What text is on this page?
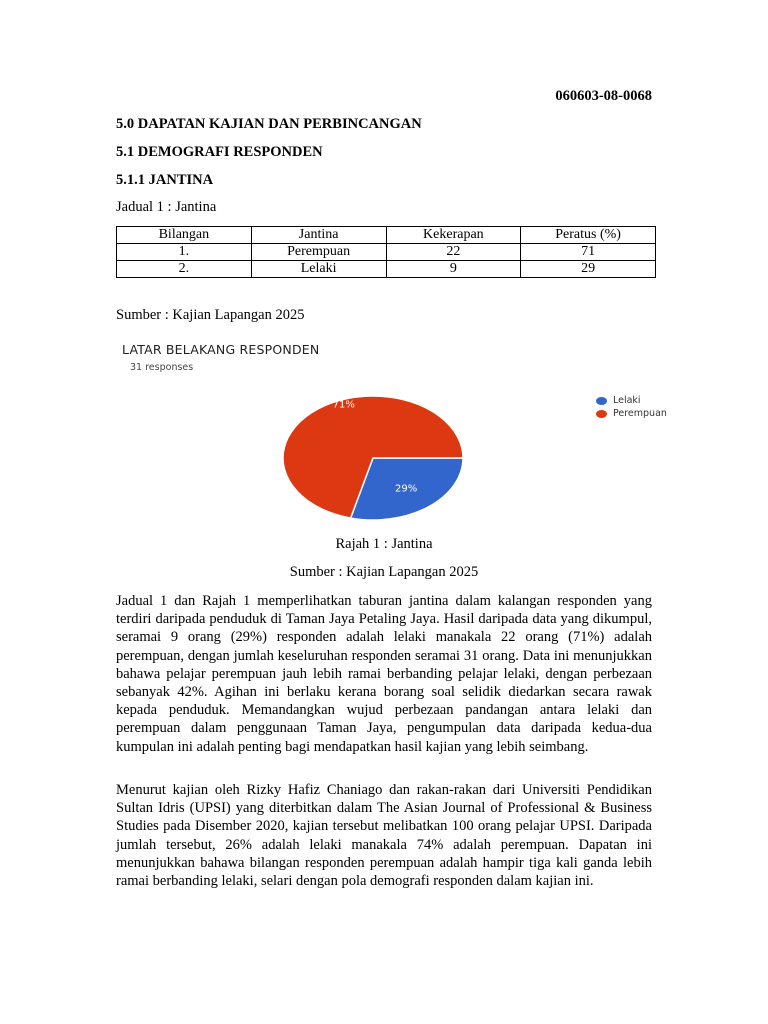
060603-08-0068
5.0 DAPATAN KAJIAN DAN PERBINCANGAN
5.1 DEMOGRAFI RESPONDEN
5.1.1 JANTINA
Jadual 1 : Jantina
Bilangan	Jantina	Kekerapan	Peratus (%)
1.	Perempuan	22	71
2.	Lelaki	9	29
Sumber : Kajian Lapangan 2025
LATAR BELAKANG RESPONDEN
31 responses
29%
71%	Lelaki
Perempuan
Rajah 1 : Jantina
Sumber : Kajian Lapangan 2025

Jadual 1 dan Rajah 1 memperlihatkan taburan jantina dalam kalangan responden yang terdiri daripada penduduk di Taman Jaya Petaling Jaya. Hasil daripada data yang dikumpul, seramai 9 orang (29%) responden adalah lelaki manakala 22 orang (71%) adalah perempuan, dengan jumlah keseluruhan responden seramai 31 orang. Data ini menunjukkan bahawa pelajar perempuan jauh lebih ramai berbanding pelajar lelaki, dengan perbezaan sebanyak 42%. Agihan ini berlaku kerana borang soal selidik diedarkan secara rawak kepada penduduk. Memandangkan wujud perbezaan pandangan antara lelaki dan perempuan dalam penggunaan Taman Jaya, pengumpulan data daripada kedua-dua kumpulan ini adalah penting bagi mendapatkan hasil kajian yang lebih seimbang.

Menurut kajian oleh Rizky Hafiz Chaniago dan rakan-rakan dari Universiti Pendidikan Sultan Idris (UPSI) yang diterbitkan dalam The Asian Journal of Professional & Business Studies pada Disember 2020, kajian tersebut melibatkan 100 orang pelajar UPSI. Daripada jumlah tersebut, 26% adalah lelaki manakala 74% adalah perempuan. Dapatan ini menunjukkan bahawa bilangan responden perempuan adalah hampir tiga kali ganda lebih ramai berbanding lelaki, selari dengan pola demografi responden dalam kajian ini.
